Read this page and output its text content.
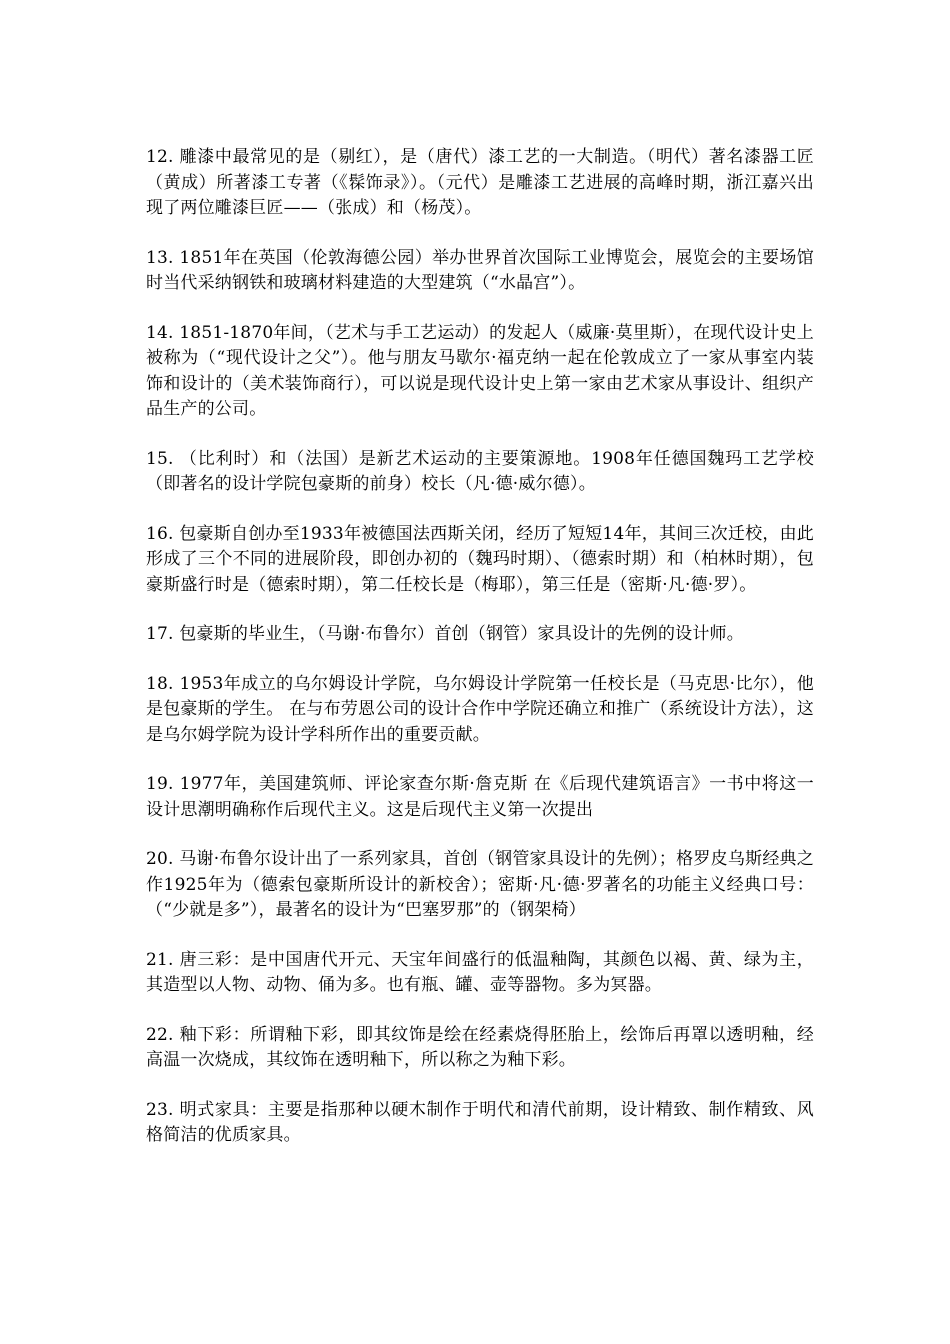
12. 雕漆中最常见的是（剔红），是（唐代）漆工艺的一大制造。（明代）著名漆器工匠（黄成）所著漆工专著（《髹饰录》）。（元代）是雕漆工艺进展的高峰时期，浙江嘉兴出现了两位雕漆巨匠——（张成）和（杨茂）。

13. 1851年在英国（伦敦海德公园）举办世界首次国际工业博览会，展览会的主要场馆时当代采纳钢铁和玻璃材料建造的大型建筑（“水晶宫”）。

14. 1851-1870年间，（艺术与手工艺运动）的发起人（威廉·莫里斯），在现代设计史上被称为（“现代设计之父”）。他与朋友马歇尔·福克纳一起在伦敦成立了一家从事室内装饰和设计的（美术装饰商行），可以说是现代设计史上第一家由艺术家从事设计、组织产品生产的公司。

15. （比利时）和（法国）是新艺术运动的主要策源地。1908年任德国魏玛工艺学校（即著名的设计学院包豪斯的前身）校长（凡·德·威尔德）。

16. 包豪斯自创办至1933年被德国法西斯关闭，经历了短短14年，其间三次迁校，由此形成了三个不同的进展阶段，即创办初的（魏玛时期）、（德索时期）和（柏林时期），包豪斯盛行时是（德索时期），第二任校长是（梅耶），第三任是（密斯·凡·德·罗）。

17. 包豪斯的毕业生，（马谢·布鲁尔）首创（钢管）家具设计的先例的设计师。

18. 1953年成立的乌尔姆设计学院，乌尔姆设计学院第一任校长是（马克思·比尔），他是包豪斯的学生。 在与布劳恩公司的设计合作中学院还确立和推广（系统设计方法），这是乌尔姆学院为设计学科所作出的重要贡献。

19. 1977年，美国建筑师、评论家查尔斯·詹克斯 在《后现代建筑语言》一书中将这一设计思潮明确称作后现代主义。这是后现代主义第一次提出

20. 马谢·布鲁尔设计出了一系列家具，首创（钢管家具设计的先例）；格罗皮乌斯经典之作1925年为（德索包豪斯所设计的新校舍）；密斯·凡·德·罗著名的功能主义经典口号：（“少就是多”），最著名的设计为“巴塞罗那”的（钢架椅）

21. 唐三彩：是中国唐代开元、天宝年间盛行的低温釉陶，其颜色以褐、黄、绿为主，其造型以人物、动物、俑为多。也有瓶、罐、壶等器物。多为冥器。

22. 釉下彩：所谓釉下彩，即其纹饰是绘在经素烧得胚胎上，绘饰后再罩以透明釉，经高温一次烧成，其纹饰在透明釉下，所以称之为釉下彩。

23. 明式家具：主要是指那种以硬木制作于明代和清代前期，设计精致、制作精致、风格简洁的优质家具。
